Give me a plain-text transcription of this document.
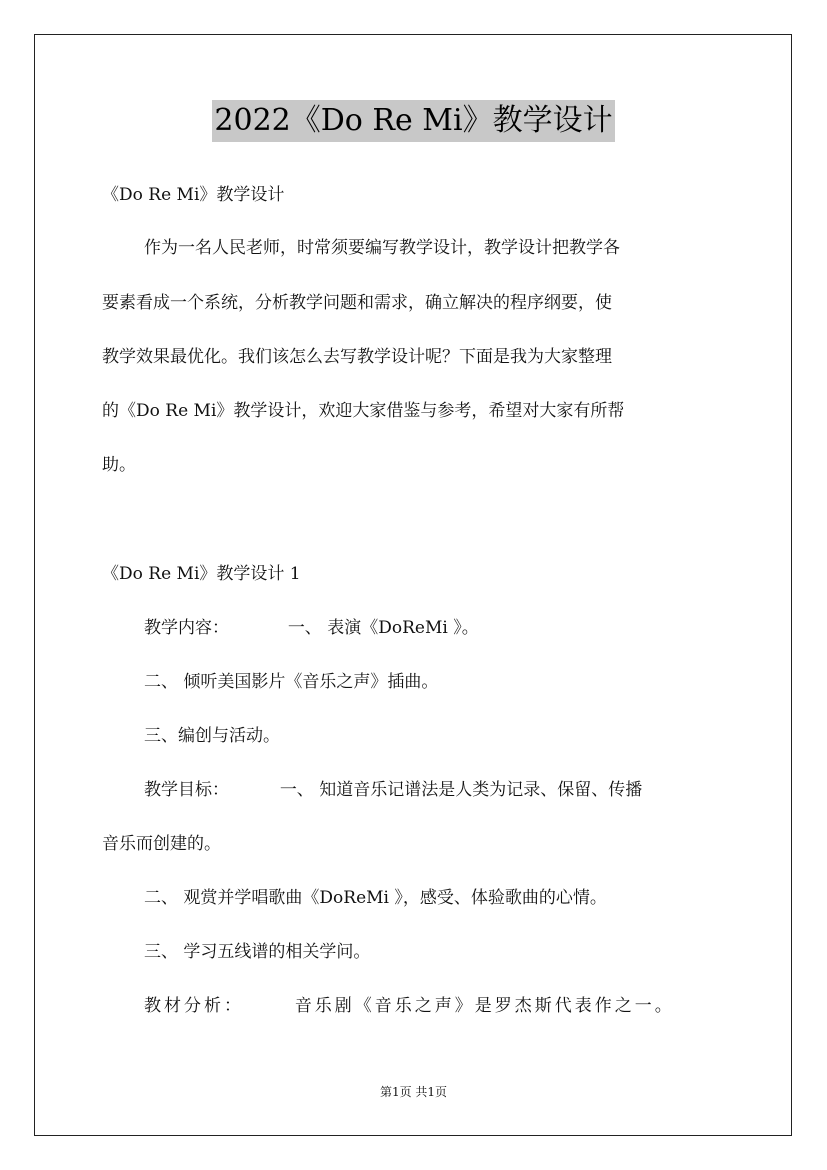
2022《Do Re Mi》教学设计
《Do Re Mi》教学设计
作为一名人民老师，时常须要编写教学设计，教学设计把教学各
要素看成一个系统，分析教学问题和需求，确立解决的程序纲要，使
教学效果最优化。我们该怎么去写教学设计呢？下面是我为大家整理
的《Do Re Mi》教学设计，欢迎大家借鉴与参考，希望对大家有所帮
助。
《Do Re Mi》教学设计 1
教学内容：	一、 表演《DoReMi 》。
二、 倾听美国影片《音乐之声》插曲。
三、编创与活动。
教学目标：	一、 知道音乐记谱法是人类为记录、保留、传播
音乐而创建的。
二、 观赏并学唱歌曲《DoReMi 》，感受、体验歌曲的心情。
三、 学习五线谱的相关学问。
教材分析：	音乐剧《音乐之声》是罗杰斯代表作之一。
第1页 共1页
